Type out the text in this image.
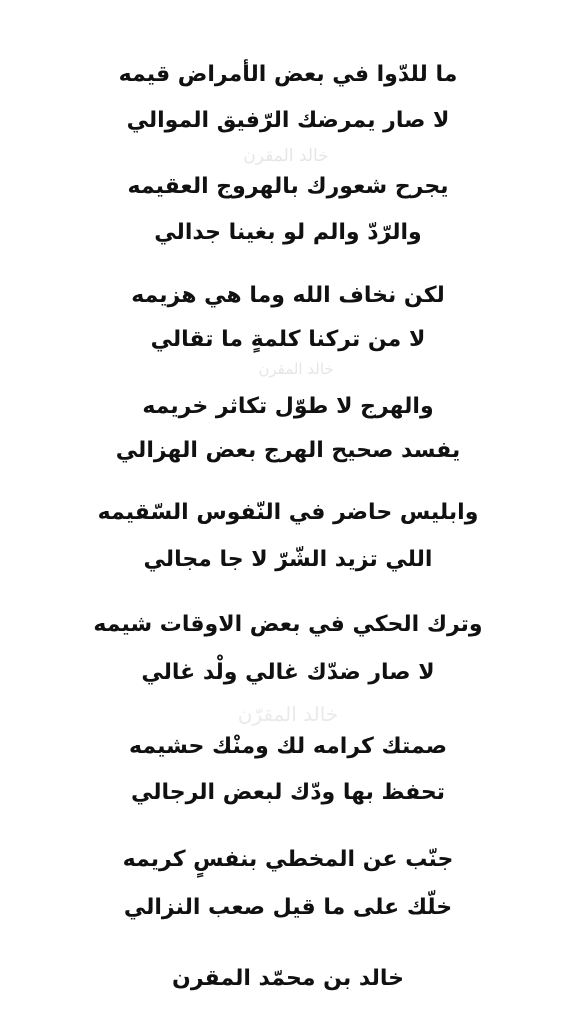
خالد المقرن
خالد المقرن
خالد المقرّن
ما للدّوا في بعض الأمراض قيمه
لا صار يمرضك الرّفيق الموالي
يجرح شعورك بالهروج العقيمه
والرّدّ والم لو بغينا جدالي
لكن نخاف الله وما هي هزيمه
لا من تركنا كلمةٍ ما تقالي
والهرج لا طوّل تكاثر خريمه
يفسد صحيح الهرج بعض الهزالي
وابليس حاضر في النّفوس السّقيمه
اللي تزيد الشّرّ لا جا مجالي
وترك الحكي في بعض الاوقات شيمه
لا صار ضدّك غالي ولْد غالي
صمتك كرامه لك ومنْك حشيمه
تحفظ بها ودّك لبعض الرجالي
جنّب عن المخطي بنفسٍ كريمه
خلّك على ما قيل صعب النزالي
خالد بن محمّد المقرن
